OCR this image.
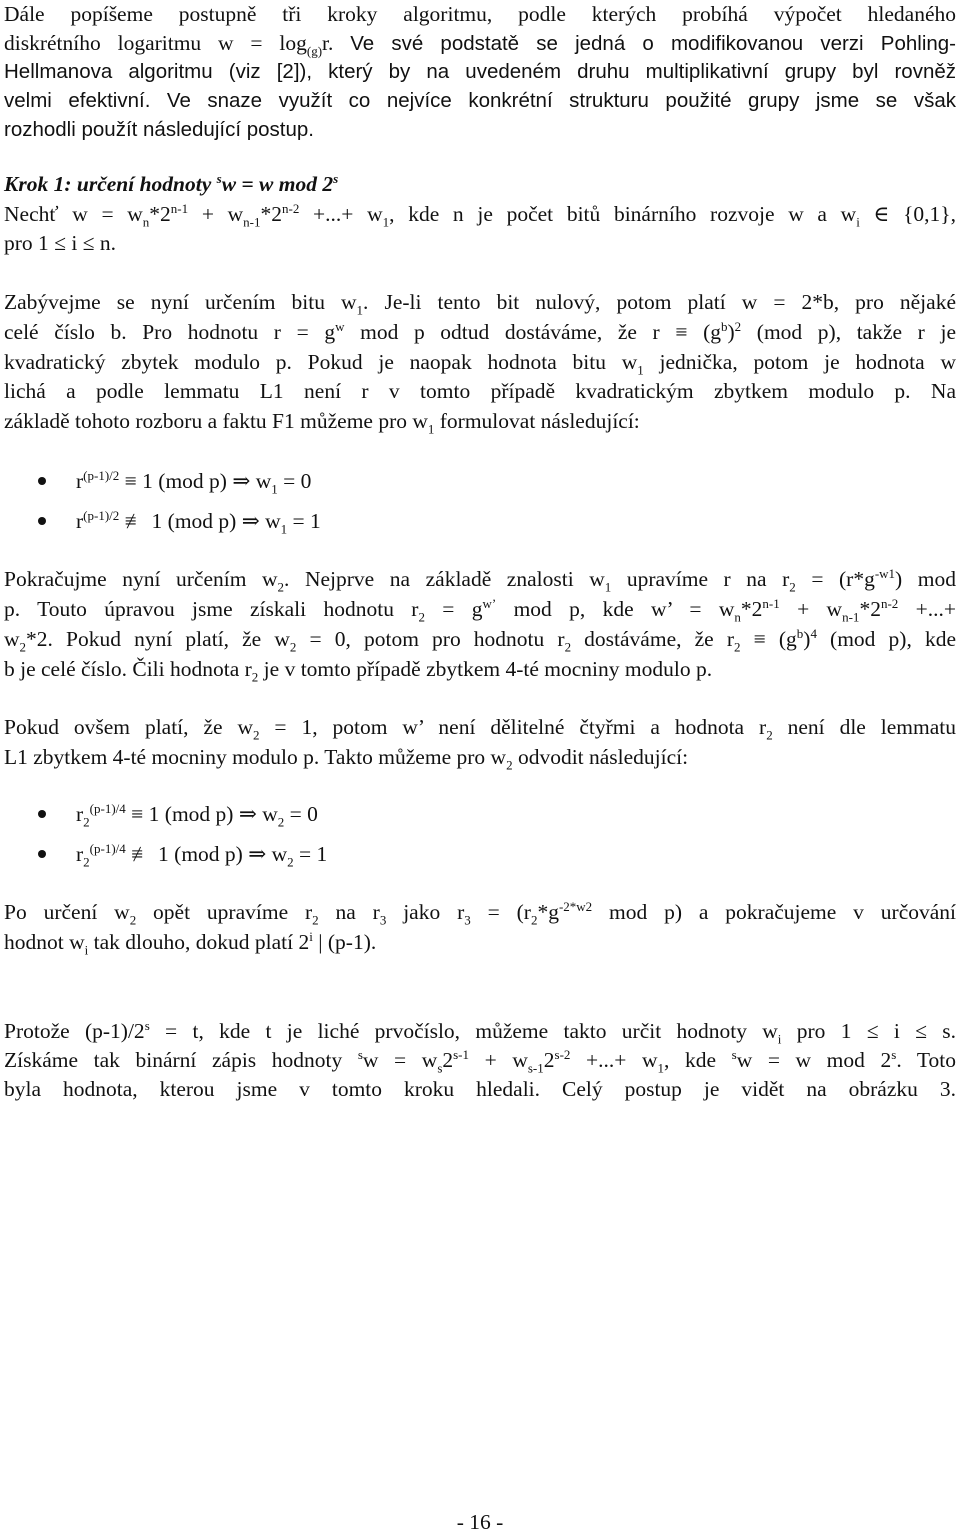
Dále popíšeme postupně tři kroky algoritmu, podle kterých probíhá výpočet hledaného
diskrétního logaritmu $w = \log_{(g)}r$. Ve své podstatě se jedná o modifikovanou verzi Pohling-
Hellmanova algoritmu (viz [2]), který by na uvedeném druhu multiplikativní grupy byl rovněž
velmi efektivní. Ve snaze využít co nejvíce konkrétní strukturu použité grupy jsme se však
rozhodli použít následující postup.
Krok 1: určení hodnoty $^s$w = w mod 2$^s$
Nechť $w = w_n*2^{n-1} + w_{n-1}*2^{n-2}$ +...+ $w_1$, kde n je počet bitů binárního rozvoje w a $w_i$ ∈ {0,1},
pro 1 ≤ i ≤ n.
Zabývejme se nyní určením bitu $w_1$. Je-li tento bit nulový, potom platí w = 2*b, pro nějaké
celé číslo b. Pro hodnotu $r = g^w$ mod p odtud dostáváme, že $r \equiv (g^b)^2$ (mod p), takže r je
kvadratický zbytek modulo p. Pokud je naopak hodnota bitu $w_1$ jednička, potom je hodnota w
lichá a podle lemmatu L1 není r v tomto případě kvadratickým zbytkem modulo p. Na
základě tohoto rozboru a faktu F1 můžeme pro $w_1$ formulovat následující:
$r^{(p-1)/2} \equiv 1$ (mod p) ⇒ $w_1 = 0$
$r^{(p-1)/2}$ ≢ 1 (mod p) ⇒ $w_1 = 1$
Pokračujme nyní určením $w_2$. Nejprve na základě znalosti $w_1$ upravíme r na $r_2 = (r*g^{-w1})$ mod
p. Touto úpravou jsme získali hodnotu $r_2 = g^{w’}$ mod p, kde w’ = $w_n*2^{n-1} + w_{n-1}*2^{n-2}$ +...+
$w_2*2$. Pokud nyní platí, že $w_2 = 0$, potom pro hodnotu $r_2$ dostáváme, že $r_2 \equiv (g^b)^4$ (mod p), kde
b je celé číslo. Čili hodnota $r_2$ je v tomto případě zbytkem 4-té mocniny modulo p.
Pokud ovšem platí, že $w_2 = 1$, potom w’ není dělitelné čtyřmi a hodnota $r_2$ není dle lemmatu
L1 zbytkem 4-té mocniny modulo p. Takto můžeme pro $w_2$ odvodit následující:
$r_2^{(p-1)/4} \equiv 1$ (mod p) ⇒ $w_2 = 0$
$r_2^{(p-1)/4}$ ≢ 1 (mod p) ⇒ $w_2 = 1$
Po určení $w_2$ opět upravíme $r_2$ na $r_3$ jako $r_3 = (r_2*g^{-2*w2}$ mod p) a pokračujeme v určování
hodnot $w_i$ tak dlouho, dokud platí 2$^i$ | (p-1).
Protože $(p-1)/2^s = t$, kde t je liché prvočíslo, můžeme takto určit hodnoty $w_i$ pro 1 ≤ i ≤ s.
Získáme tak binární zápis hodnoty $^sw = w_s2^{s-1} + w_{s-1}2^{s-2}$ +...+ $w_1$, kde $^s$w = w mod 2$^s$. Toto
byla hodnota, kterou jsme v tomto kroku hledali. Celý postup je vidět na obrázku 3.
- 16 -
